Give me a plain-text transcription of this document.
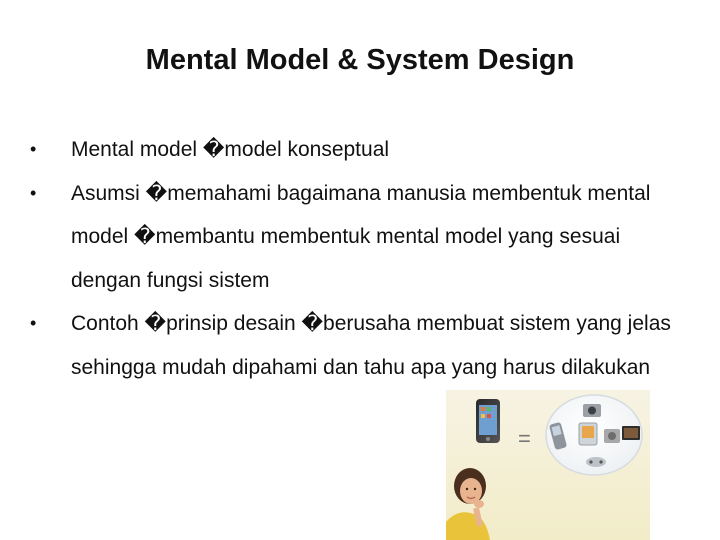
Mental Model & System Design
• Mental model �model konseptual
• Asumsi �memahami bagaimana manusia membentuk mental model �membantu membentuk mental model yang sesuai dengan fungsi sistem
• Contoh �prinsip desain �berusaha membuat sistem yang jelas sehingga mudah dipahami dan tahu apa yang harus dilakukan
=
